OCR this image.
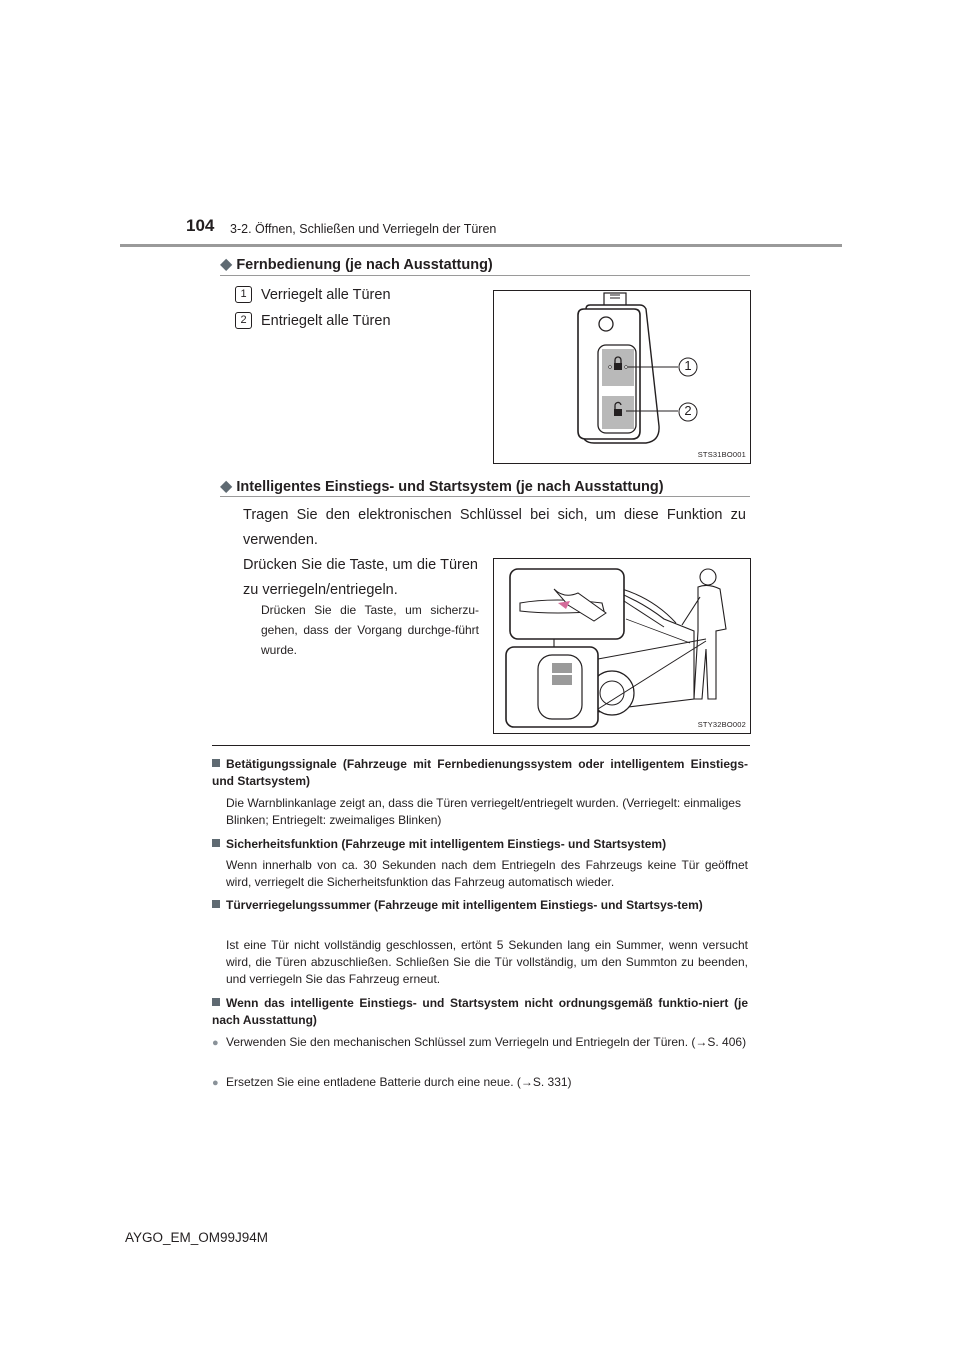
104 3-2. Öffnen, Schließen und Verriegeln der Türen
◆ Fernbedienung (je nach Ausstattung)
1 Verriegelt alle Türen
2 Entriegelt alle Türen
1
2
STS31BO001
◆ Intelligentes Einstiegs- und Startsystem (je nach Ausstattung)
Tragen Sie den elektronischen Schlüssel bei sich, um diese Funktion zu verwenden.
Drücken Sie die Taste, um die Türen zu verriegeln/entriegeln.
Drücken Sie die Taste, um sicherzu-gehen, dass der Vorgang durchge-führt wurde.
STY32BO002
Betätigungssignale (Fahrzeuge mit Fernbedienungssystem oder intelligentem Einstiegs- und Startsystem)
Die Warnblinkanlage zeigt an, dass die Türen verriegelt/entriegelt wurden. (Verriegelt: einmaliges Blinken; Entriegelt: zweimaliges Blinken)
Sicherheitsfunktion (Fahrzeuge mit intelligentem Einstiegs- und Startsystem)
Wenn innerhalb von ca. 30 Sekunden nach dem Entriegeln des Fahrzeugs keine Tür geöffnet wird, verriegelt die Sicherheitsfunktion das Fahrzeug automatisch wieder.
Türverriegelungssummer (Fahrzeuge mit intelligentem Einstiegs- und Startsys-tem)
Ist eine Tür nicht vollständig geschlossen, ertönt 5 Sekunden lang ein Summer, wenn versucht wird, die Türen abzuschließen. Schließen Sie die Tür vollständig, um den Summton zu beenden, und verriegeln Sie das Fahrzeug erneut.
Wenn das intelligente Einstiegs- und Startsystem nicht ordnungsgemäß funktio-niert (je nach Ausstattung)
● Verwenden Sie den mechanischen Schlüssel zum Verriegeln und Entriegeln der Türen. (→S. 406)
● Ersetzen Sie eine entladene Batterie durch eine neue. (→S. 331)
AYGO_EM_OM99J94M
